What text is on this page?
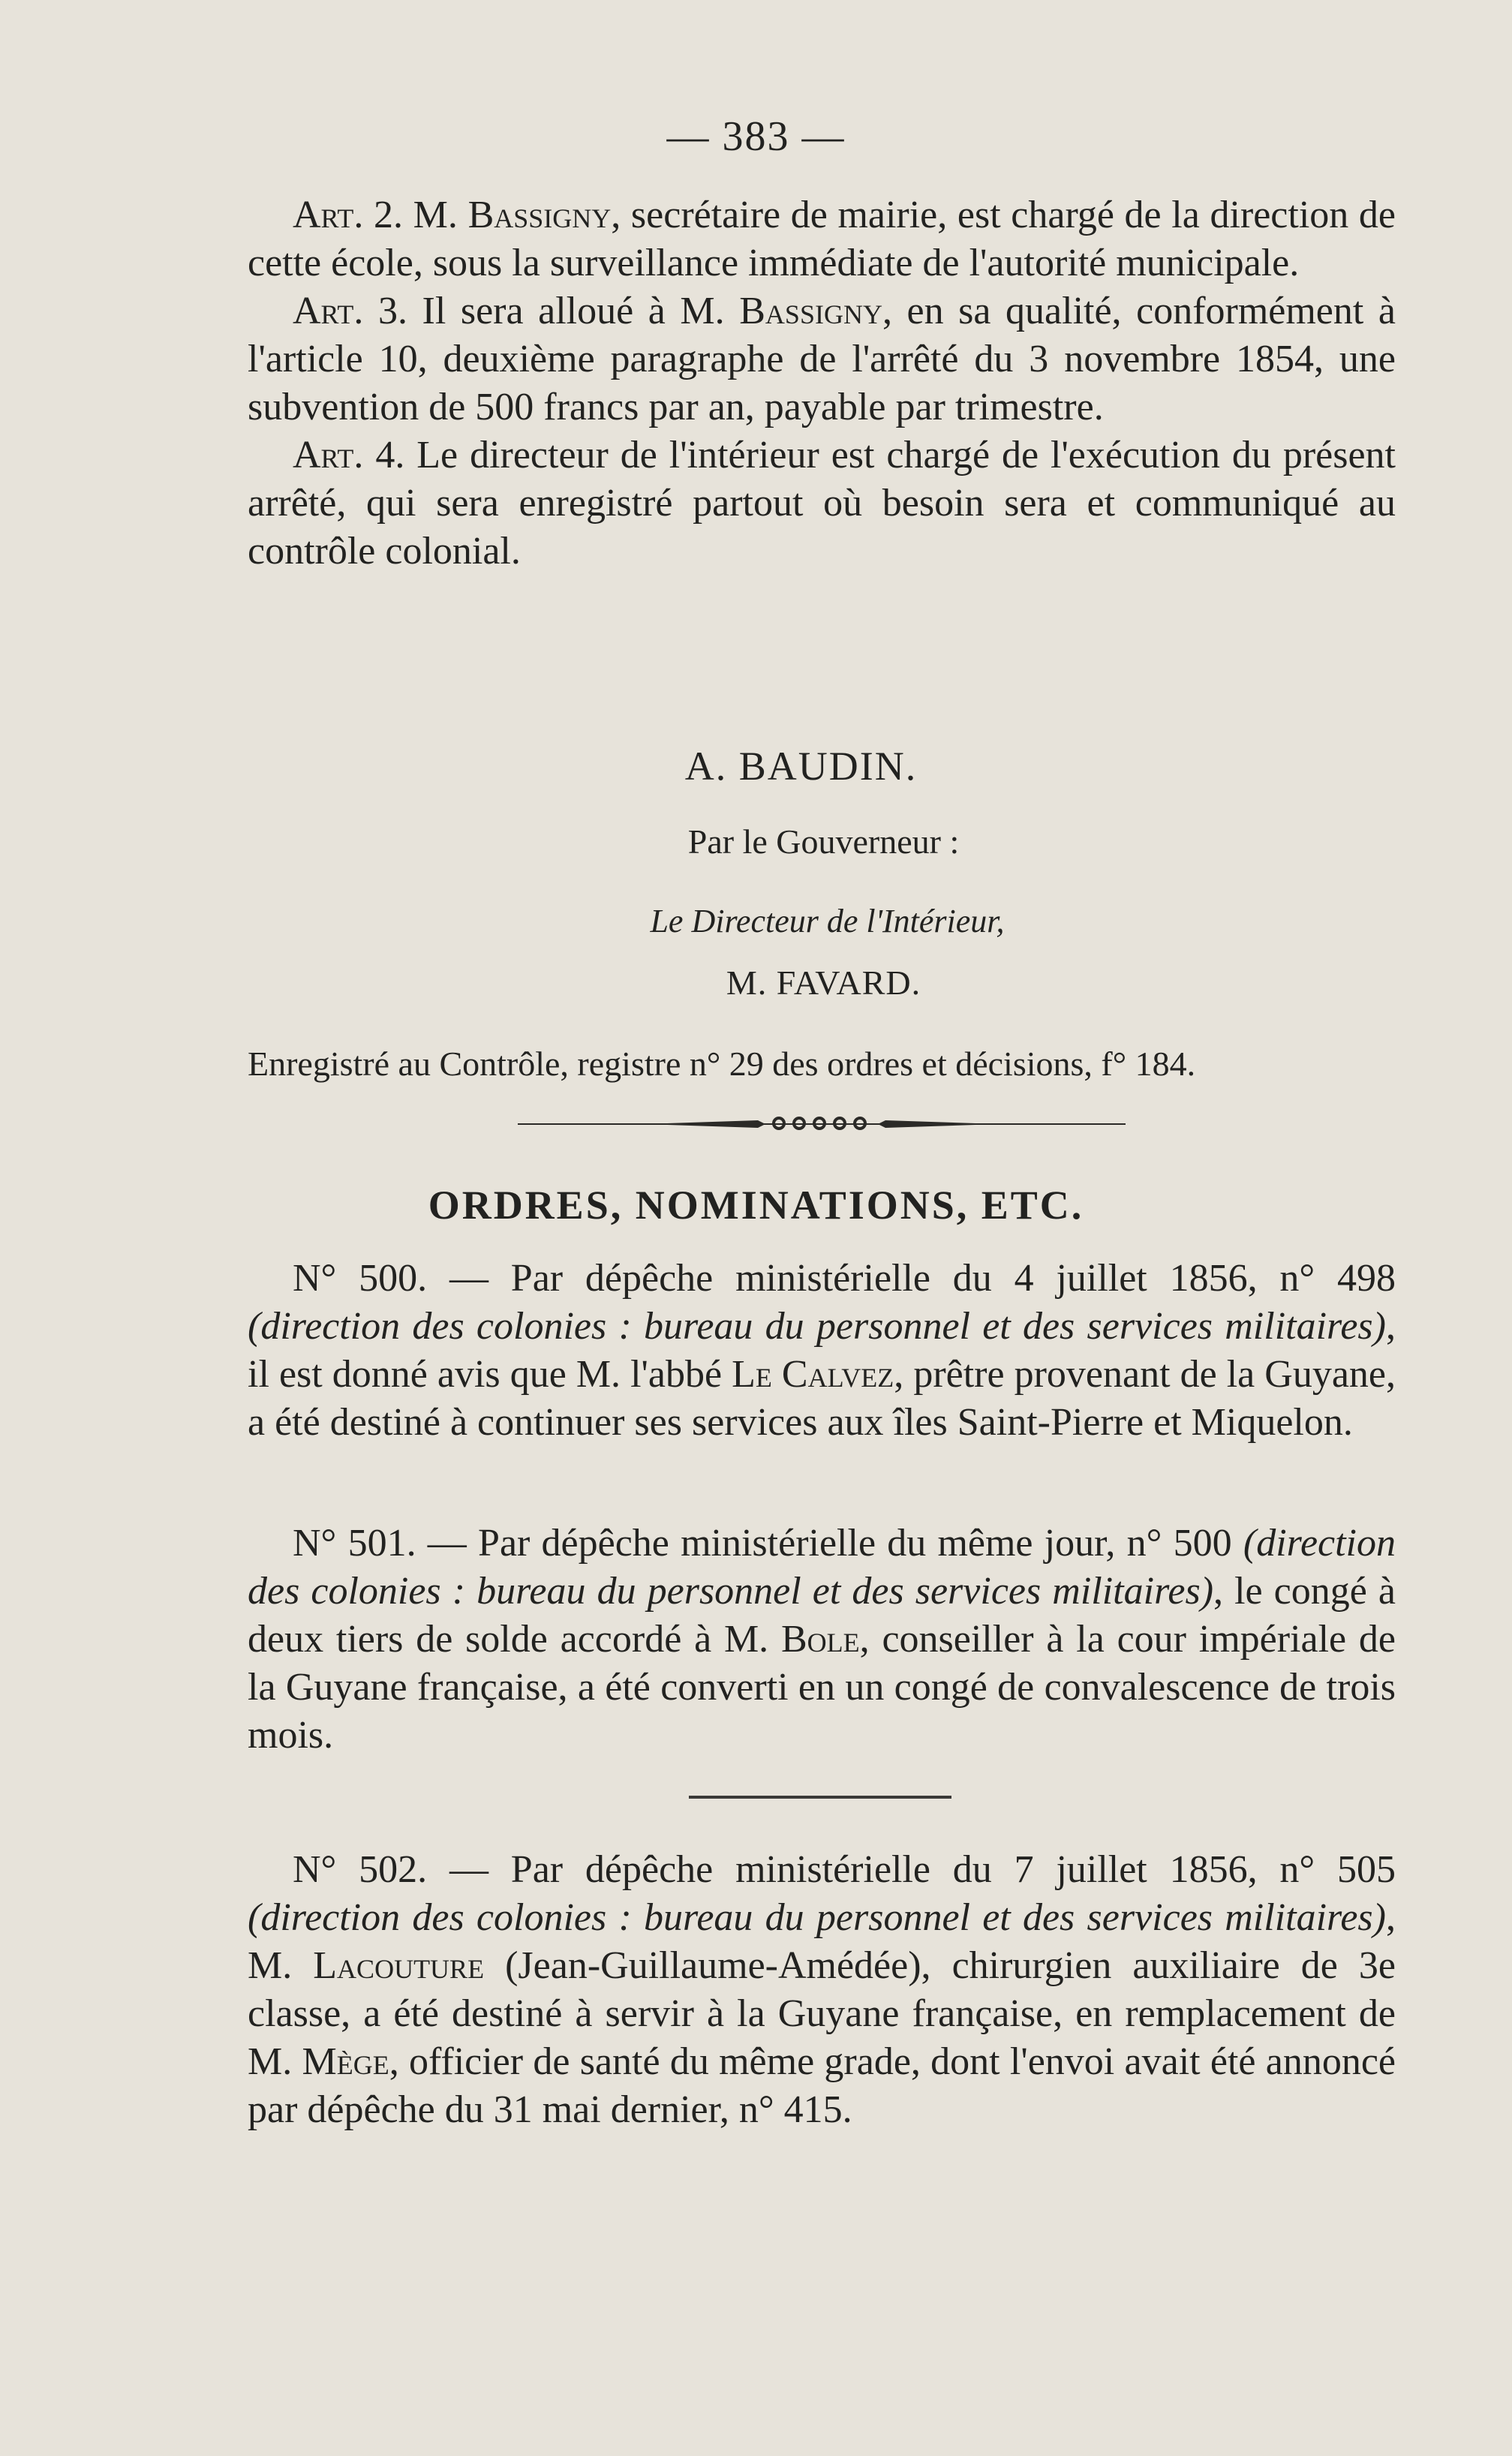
— 383 —

Art. 2. M. Bassigny, secrétaire de mairie, est chargé de la direction de cette école, sous la surveillance immédiate de l'autorité municipale.

Art. 3. Il sera alloué à M. Bassigny, en sa qualité, conformément à l'article 10, deuxième paragraphe de l'arrêté du 3 novembre 1854, une subvention de 500 francs par an, payable par trimestre.

Art. 4. Le directeur de l'intérieur est chargé de l'exécution du présent arrêté, qui sera enregistré partout où besoin sera et communiqué au contrôle colonial.

A. BAUDIN.
Par le Gouverneur :
Le Directeur de l'Intérieur,
M. FAVARD.
Enregistré au Contrôle, registre n° 29 des ordres et décisions, f° 184.
ORDRES, NOMINATIONS, ETC.

N° 500. — Par dépêche ministérielle du 4 juillet 1856, n° 498 (direction des colonies : bureau du personnel et des services militaires), il est donné avis que M. l'abbé Le Calvez, prêtre provenant de la Guyane, a été destiné à continuer ses services aux îles Saint-Pierre et Miquelon.

N° 501. — Par dépêche ministérielle du même jour, n° 500 (direction des colonies : bureau du personnel et des services militaires), le congé à deux tiers de solde accordé à M. Bole, conseiller à la cour impériale de la Guyane française, a été converti en un congé de convalescence de trois mois.

N° 502. — Par dépêche ministérielle du 7 juillet 1856, n° 505 (direction des colonies : bureau du personnel et des services militaires), M. Lacouture (Jean-Guillaume-Amédée), chirurgien auxiliaire de 3e classe, a été destiné à servir à la Guyane française, en remplacement de M. Mège, officier de santé du même grade, dont l'envoi avait été annoncé par dépêche du 31 mai dernier, n° 415.
